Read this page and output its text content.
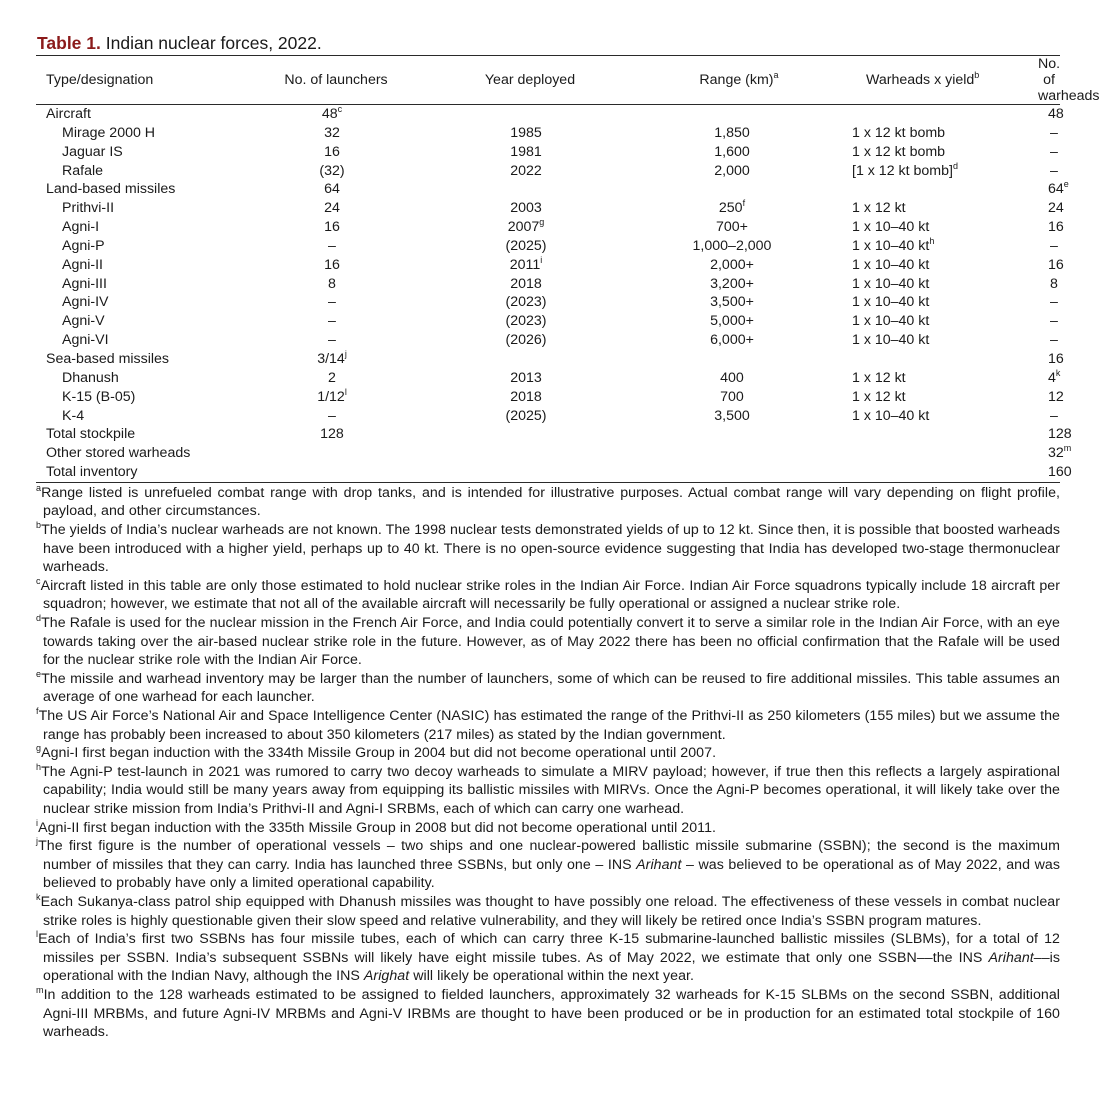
Table 1. Indian nuclear forces, 2022.
Type/designation	No. of launchers	Year deployed	Range (km)$^a$	Warheads x yield$^b$	No. of warheads

Aircraft	48$^c$				48
Mirage 2000 H	32	1985	1,850	1 x 12 kt bomb	–
Jaguar IS	16	1981	1,600	1 x 12 kt bomb	–
Rafale	(32)	2022	2,000	[1 x 12 kt bomb]$^d$	–
Land-based missiles	64				64e
Prithvi-II	24	2003	250$^f$	1 x 12 kt	24
Agni-I	16	2007$^g$	700+	1 x 10–40 kt	16
Agni-P	–	(2025)	1,000–2,000	1 x 10–40 $kt^h$	–
Agni-II	16	2011$^i$	2,000+	1 x 10–40 kt	16
Agni-III	8	2018	3,200+	1 x 10–40 kt	8
Agni-IV	–	(2023)	3,500+	1 x 10–40 kt	–
Agni-V	–	(2023)	5,000+	1 x 10–40 kt	–
Agni-VI	–	(2026)	6,000+	1 x 10–40 kt	–
Sea-based missiles	3/14$^j$				16
Dhanush	2	2013	400	1 x 12 kt	4$^k$
K-15 (B-05)	1/12$^l$	2018	700	1 x 12 kt	12
K-4	–	(2025)	3,500	1 x 10–40 kt	–
Total stockpile	128				128
Other stored warheads					32$^m$
Total inventory					160

$^a$Range listed is unrefueled combat range with drop tanks, and is intended for illustrative purposes. Actual combat range will vary depending on flight profile, payload, and other circumstances.

$^b$The yields of India’s nuclear warheads are not known. The 1998 nuclear tests demonstrated yields of up to 12 kt. Since then, it is possible that boosted warheads have been introduced with a higher yield, perhaps up to 40 kt. There is no open-source evidence suggesting that India has developed two-stage thermonuclear warheads.

$^c$Aircraft listed in this table are only those estimated to hold nuclear strike roles in the Indian Air Force. Indian Air Force squadrons typically include 18 aircraft per squadron; however, we estimate that not all of the available aircraft will necessarily be fully operational or assigned a nuclear strike role.

$^d$The Rafale is used for the nuclear mission in the French Air Force, and India could potentially convert it to serve a similar role in the Indian Air Force, with an eye towards taking over the air-based nuclear strike role in the future. However, as of May 2022 there has been no official confirmation that the Rafale will be used for the nuclear strike role with the Indian Air Force.

$^e$The missile and warhead inventory may be larger than the number of launchers, some of which can be reused to fire additional missiles. This table assumes an average of one warhead for each launcher.

$^f$The US Air Force’s National Air and Space Intelligence Center (NASIC) has estimated the range of the Prithvi-II as 250 kilometers (155 miles) but we assume the range has probably been increased to about 350 kilometers (217 miles) as stated by the Indian government.

$^g$Agni-I first began induction with the 334th Missile Group in 2004 but did not become operational until 2007.

$^h$The Agni-P test-launch in 2021 was rumored to carry two decoy warheads to simulate a MIRV payload; however, if true then this reflects a largely aspirational capability; India would still be many years away from equipping its ballistic missiles with MIRVs. Once the Agni-P becomes operational, it will likely take over the nuclear strike mission from India’s Prithvi-II and Agni-I SRBMs, each of which can carry one warhead.

$^i$Agni-II first began induction with the 335th Missile Group in 2008 but did not become operational until 2011.

$^j$The first figure is the number of operational vessels – two ships and one nuclear-powered ballistic missile submarine (SSBN); the second is the maximum number of missiles that they can carry. India has launched three SSBNs, but only one – INS Arihant – was believed to be operational as of May 2022, and was believed to probably have only a limited operational capability.

$^k$Each Sukanya-class patrol ship equipped with Dhanush missiles was thought to have possibly one reload. The effectiveness of these vessels in combat nuclear strike roles is highly questionable given their slow speed and relative vulnerability, and they will likely be retired once India’s SSBN program matures.

$^l$Each of India’s first two SSBNs has four missile tubes, each of which can carry three K-15 submarine-launched ballistic missiles (SLBMs), for a total of 12 missiles per SSBN. India’s subsequent SSBNs will likely have eight missile tubes. As of May 2022, we estimate that only one SSBN––the INS Arihant––is operational with the Indian Navy, although the INS Arighat will likely be operational within the next year.

$^m$In addition to the 128 warheads estimated to be assigned to fielded launchers, approximately 32 warheads for K-15 SLBMs on the second SSBN, additional Agni-III MRBMs, and future Agni-IV MRBMs and Agni-V IRBMs are thought to have been produced or be in production for an estimated total stockpile of 160 warheads.
